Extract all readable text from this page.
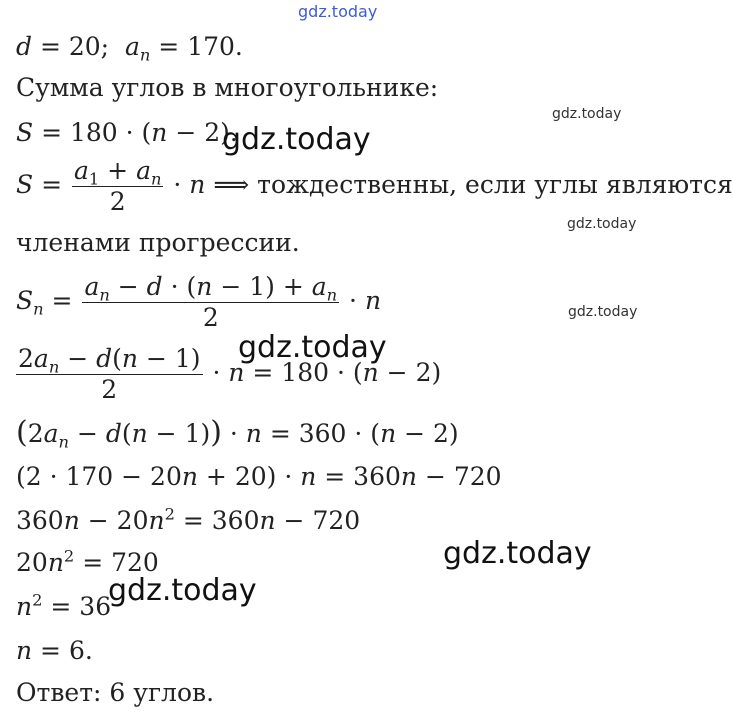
gdz.today
d = 20;  $a_n = 170$.
Сумма углов в многоугольнике:
gdz.today
S = 180 · (n − 2).
gdz.today
$S = \frac{a_1 + a_n}{2} \cdot n$ ⟹ тождественны, если углы являются
gdz.today
членами прогрессии.
$S_n = \frac{a_n - d \cdot (n - 1) + a_n}{2} \cdot n$	gdz.today
gdz.today
$\frac{2a_n - d(n - 1)}{2} \cdot n = 180 \cdot (n - 2)$
$(2a_n - d(n - 1)) \cdot n = 360 \cdot (n - 2)$
(2 · 170 − 20n + 20) · n = 360n − 720
$360n - 20n^2 = 360n - 720$
gdz.today
$20n^2 = 720$
gdz.today
$n^2 = 36$
n = 6.
Ответ: 6 углов.
